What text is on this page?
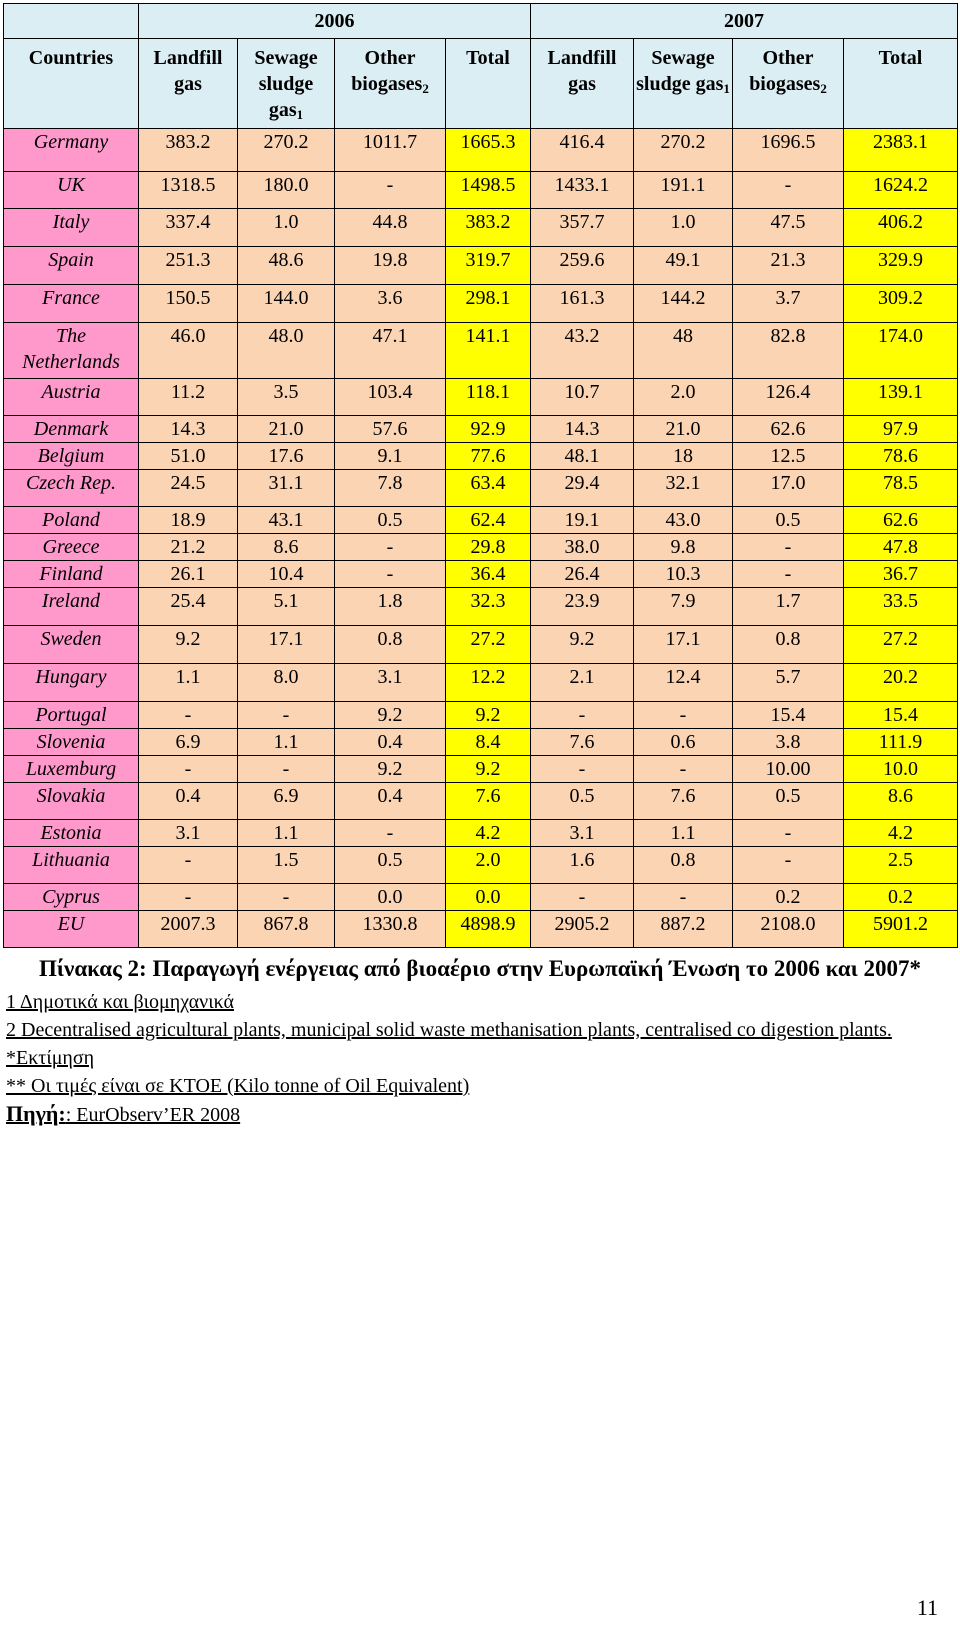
	2006				2007			
Countries	Landfill gas	Sewage sludge gas$_1$	Other biogases$_2$	Total	Landfill gas	Sewage sludge gas$_1$	Other biogases$_2$	Total
Germany	383.2	270.2	1011.7	1665.3	416.4	270.2	1696.5	2383.1
UK	1318.5	180.0	-	1498.5	1433.1	191.1	-	1624.2
Italy	337.4	1.0	44.8	383.2	357.7	1.0	47.5	406.2
Spain	251.3	48.6	19.8	319.7	259.6	49.1	21.3	329.9
France	150.5	144.0	3.6	298.1	161.3	144.2	3.7	309.2
The Netherlands	46.0	48.0	47.1	141.1	43.2	48	82.8	174.0
Austria	11.2	3.5	103.4	118.1	10.7	2.0	126.4	139.1
Denmark	14.3	21.0	57.6	92.9	14.3	21.0	62.6	97.9
Belgium	51.0	17.6	9.1	77.6	48.1	18	12.5	78.6
Czech Rep.	24.5	31.1	7.8	63.4	29.4	32.1	17.0	78.5
Poland	18.9	43.1	0.5	62.4	19.1	43.0	0.5	62.6
Greece	21.2	8.6	-	29.8	38.0	9.8	-	47.8
Finland	26.1	10.4	-	36.4	26.4	10.3	-	36.7
Ireland	25.4	5.1	1.8	32.3	23.9	7.9	1.7	33.5
Sweden	9.2	17.1	0.8	27.2	9.2	17.1	0.8	27.2
Hungary	1.1	8.0	3.1	12.2	2.1	12.4	5.7	20.2
Portugal	-	-	9.2	9.2	-	-	15.4	15.4
Slovenia	6.9	1.1	0.4	8.4	7.6	0.6	3.8	111.9
Luxemburg	-	-	9.2	9.2	-	-	10.00	10.0
Slovakia	0.4	6.9	0.4	7.6	0.5	7.6	0.5	8.6
Estonia	3.1	1.1	-	4.2	3.1	1.1	-	4.2
Lithuania	-	1.5	0.5	2.0	1.6	0.8	-	2.5
Cyprus	-	-	0.0	0.0	-	-	0.2	0.2
EU	2007.3	867.8	1330.8	4898.9	2905.2	887.2	2108.0	5901.2
Πίνακας 2: Παραγωγή ενέργειας από βιοαέριο στην Ευρωπαϊκή Ένωση το 2006 και 2007*
1 Δημοτικά και βιομηχανικά
2 Decentralised agricultural plants, municipal solid waste methanisation plants, centralised co digestion plants.
*Εκτίμηση
** Οι τιμές είναι σε KTOE (Kilo tonne of Oil Equivalent)
Πηγή:: EurObserv’ER 2008
11
